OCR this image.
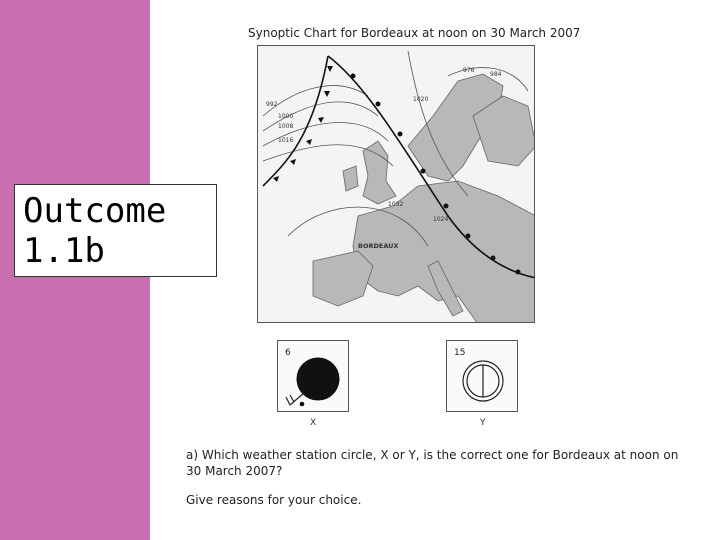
Outcome
1.1b
Synoptic Chart for Bordeaux at noon on 30 March 2007
992
1000
1008
1016
1024
1032
1020
984
976
BORDEAUX
6
X
15
Y
a) Which weather station circle, X or Y, is the correct one for Bordeaux at noon on 30 March 2007?
Give reasons for your choice.
